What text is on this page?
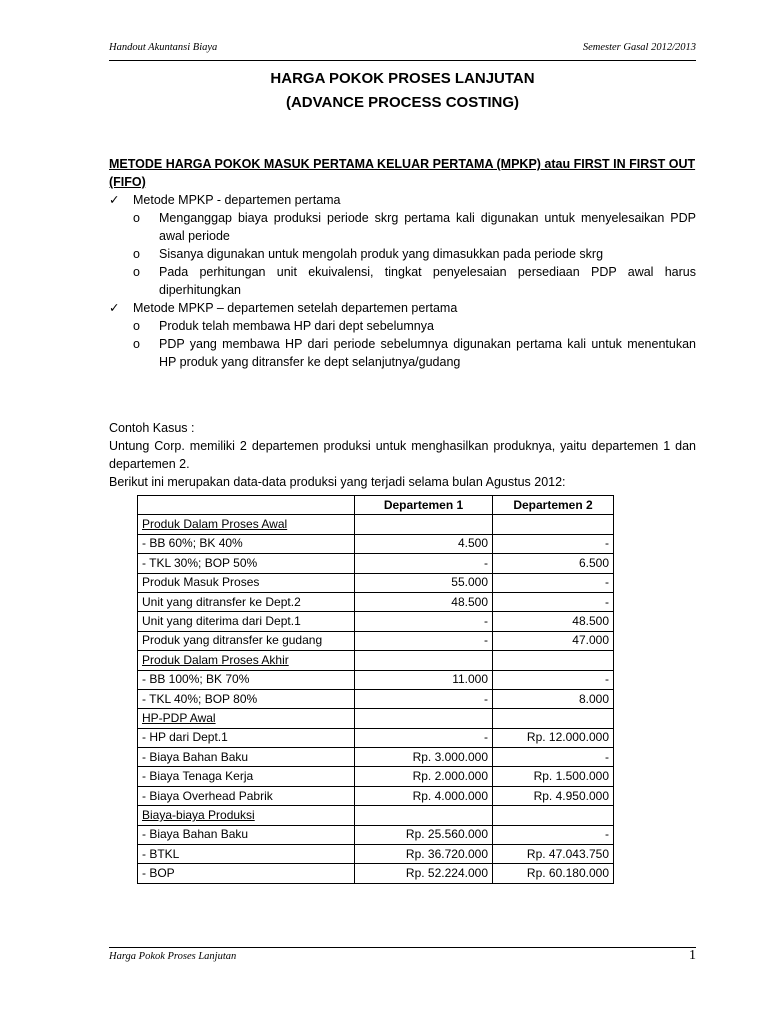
Handout Akuntansi Biaya	Semester Gasal 2012/2013
HARGA POKOK PROSES LANJUTAN
(ADVANCE PROCESS COSTING)
METODE HARGA POKOK MASUK PERTAMA KELUAR PERTAMA (MPKP) atau FIRST IN FIRST OUT (FIFO)
✓ Metode MPKP - departemen pertama
o Menganggap biaya produksi periode skrg pertama kali digunakan untuk menyelesaikan PDP awal periode
o Sisanya digunakan untuk mengolah produk yang dimasukkan pada periode skrg
o Pada perhitungan unit ekuivalensi, tingkat penyelesaian persediaan PDP awal harus diperhitungkan
✓ Metode MPKP – departemen setelah departemen pertama
o Produk telah membawa HP dari dept sebelumnya
o PDP yang membawa HP dari periode sebelumnya digunakan pertama kali untuk menentukan HP produk yang ditransfer ke dept selanjutnya/gudang
Contoh Kasus :
Untung Corp. memiliki 2 departemen produksi untuk menghasilkan produknya, yaitu departemen 1 dan departemen 2.
Berikut ini merupakan data-data produksi yang terjadi selama bulan Agustus 2012:
	Departemen 1	Departemen 2
Produk Dalam Proses Awal		
- BB 60%; BK 40%	4.500	-
- TKL 30%; BOP 50%	-	6.500
Produk Masuk Proses	55.000	-
Unit yang ditransfer ke Dept.2	48.500	-
Unit yang diterima dari Dept.1	-	48.500
Produk yang ditransfer ke gudang	-	47.000
Produk Dalam Proses Akhir		
- BB 100%; BK 70%	11.000	-
- TKL 40%; BOP 80%	-	8.000
HP-PDP Awal		
- HP dari Dept.1	-	Rp. 12.000.000
- Biaya Bahan Baku	Rp. 3.000.000	-
- Biaya Tenaga Kerja	Rp. 2.000.000	Rp. 1.500.000
- Biaya Overhead Pabrik	Rp. 4.000.000	Rp. 4.950.000
Biaya-biaya Produksi		
- Biaya Bahan Baku	Rp. 25.560.000	-
- BTKL	Rp. 36.720.000	Rp. 47.043.750
- BOP	Rp. 52.224.000	Rp. 60.180.000
Harga Pokok Proses Lanjutan	1
